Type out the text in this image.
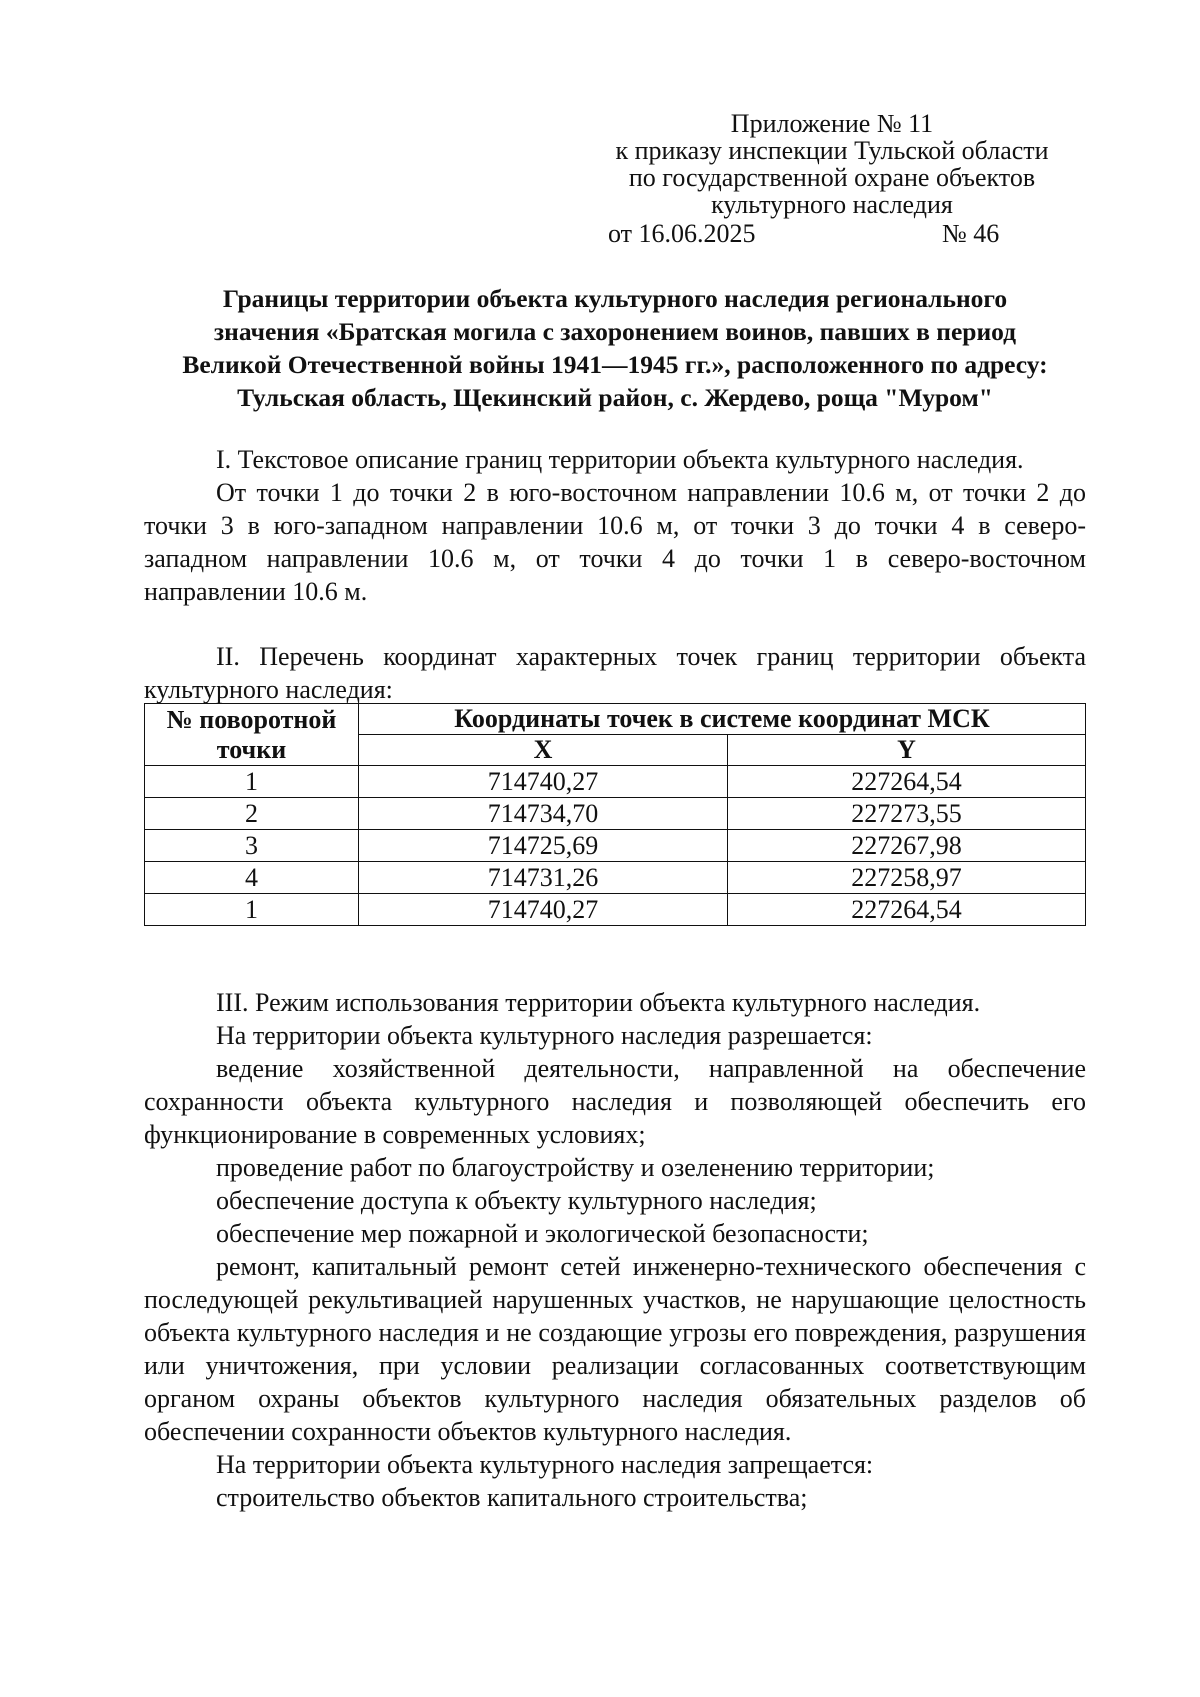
Приложение № 11
к приказу инспекции Тульской области
по государственной охране объектов
культурного наследия
от 16.06.2025	№ 46
Границы территории объекта культурного наследия регионального
значения «Братская могила с захоронением воинов, павших в период
Великой Отечественной войны 1941—1945 гг.», расположенного по адресу:
Тульская область, Щекинский район, с. Жердево, роща "Муром"

I. Текстовое описание границ территории объекта культурного наследия.

От точки 1 до точки 2 в юго-восточном направлении 10.6 м, от точки 2 до точки 3 в юго-западном направлении 10.6 м, от точки 3 до точки 4 в северо-западном направлении 10.6 м, от точки 4 до точки 1 в северо-восточном направлении 10.6 м.

II. Перечень координат характерных точек границ территории объекта культурного наследия:

№ поворотной точки	Координаты точек в системе координат МСК	
	X	Y
1	714740,27	227264,54
2	714734,70	227273,55
3	714725,69	227267,98
4	714731,26	227258,97
1	714740,27	227264,54

III. Режим использования территории объекта культурного наследия.

На территории объекта культурного наследия разрешается:

ведение хозяйственной деятельности, направленной на обеспечение сохранности объекта культурного наследия и позволяющей обеспечить его функционирование в современных условиях;

проведение работ по благоустройству и озеленению территории;

обеспечение доступа к объекту культурного наследия;

обеспечение мер пожарной и экологической безопасности;

ремонт, капитальный ремонт сетей инженерно-технического обеспечения с последующей рекультивацией нарушенных участков, не нарушающие целостность объекта культурного наследия и не создающие угрозы его повреждения, разрушения или уничтожения, при условии реализации согласованных соответствующим органом охраны объектов культурного наследия обязательных разделов об обеспечении сохранности объектов культурного наследия.

На территории объекта культурного наследия запрещается:

строительство объектов капитального строительства;
